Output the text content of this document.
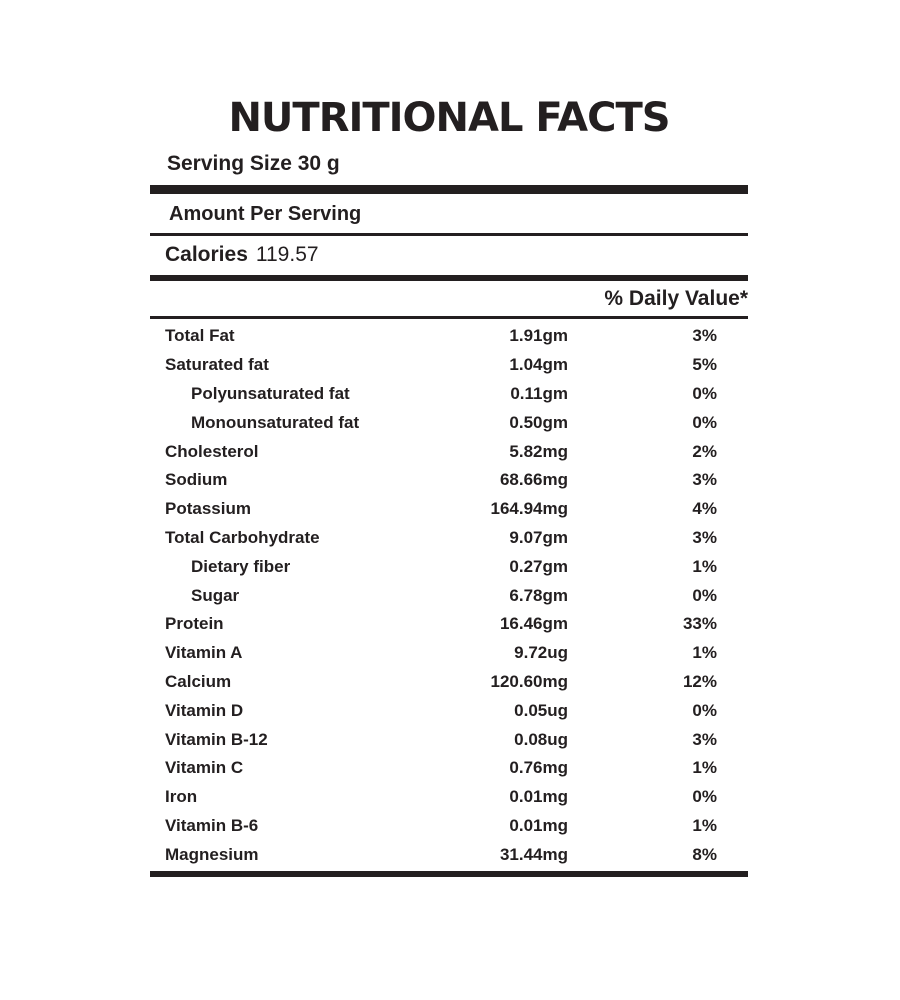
NUTRITIONAL FACTS
Serving Size 30 g
Amount Per Serving
Calories 119.57
% Daily Value*
Total Fat	1.91gm	3%
Saturated fat	1.04gm	5%
Polyunsaturated fat	0.11gm	0%
Monounsaturated fat	0.50gm	0%
Cholesterol	5.82mg	2%
Sodium	68.66mg	3%
Potassium	164.94mg	4%
Total Carbohydrate	9.07gm	3%
Dietary fiber	0.27gm	1%
Sugar	6.78gm	0%
Protein	16.46gm	33%
Vitamin A	9.72ug	1%
Calcium	120.60mg	12%
Vitamin D	0.05ug	0%
Vitamin B-12	0.08ug	3%
Vitamin C	0.76mg	1%
Iron	0.01mg	0%
Vitamin B-6	0.01mg	1%
Magnesium	31.44mg	8%
